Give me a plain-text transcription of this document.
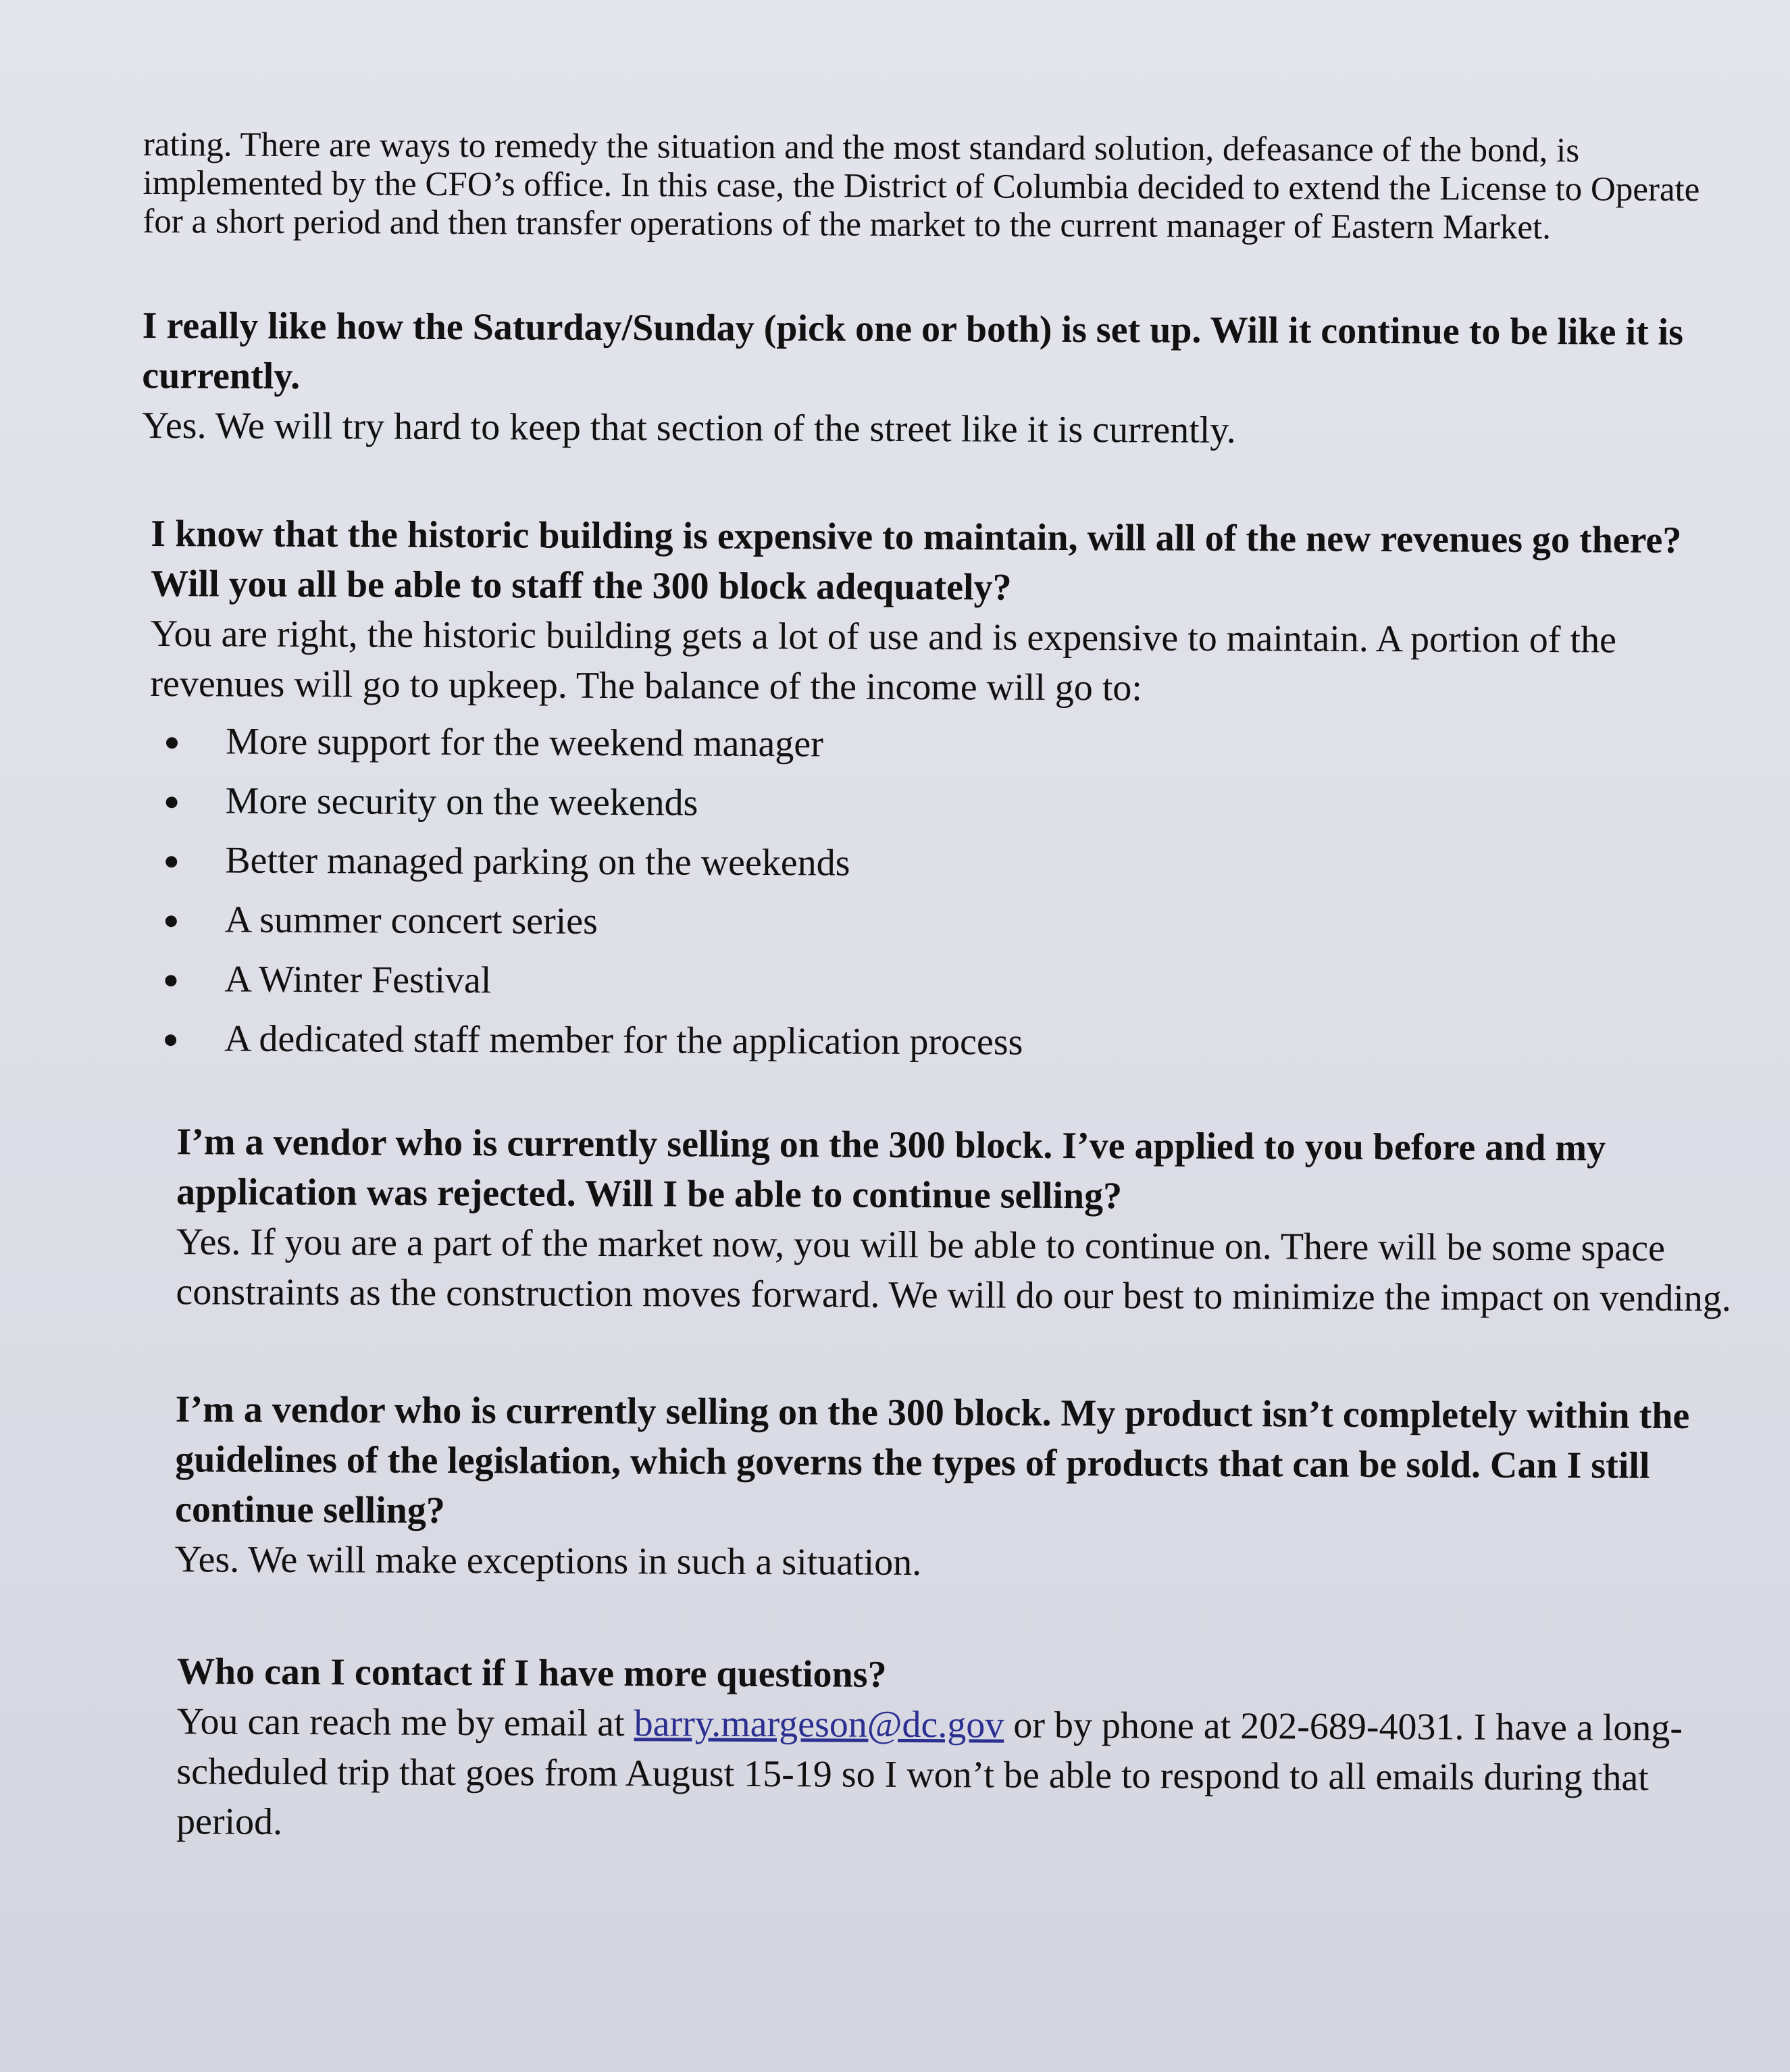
rating. There are ways to remedy the situation and the most standard solution, defeasance of the bond, is implemented by the CFO’s office. In this case, the District of Columbia decided to extend the License to Operate for a short period and then transfer operations of the market to the current manager of Eastern Market.

I really like how the Saturday/Sunday (pick one or both) is set up. Will it continue to be like it is currently.

Yes. We will try hard to keep that section of the street like it is currently.

I know that the historic building is expensive to maintain, will all of the new revenues go there? Will you all be able to staff the 300 block adequately?

You are right, the historic building gets a lot of use and is expensive to maintain. A portion of the revenues will go to upkeep. The balance of the income will go to:

More support for the weekend manager
More security on the weekends
Better managed parking on the weekends
A summer concert series
A Winter Festival
A dedicated staff member for the application process

I’m a vendor who is currently selling on the 300 block. I’ve applied to you before and my application was rejected. Will I be able to continue selling?

Yes. If you are a part of the market now, you will be able to continue on. There will be some space constraints as the construction moves forward. We will do our best to minimize the impact on vending.

I’m a vendor who is currently selling on the 300 block. My product isn’t completely within the guidelines of the legislation, which governs the types of products that can be sold. Can I still continue selling?

Yes. We will make exceptions in such a situation.

Who can I contact if I have more questions?

You can reach me by email at barry.margeson@dc.gov or by phone at 202-689-4031. I have a long-scheduled trip that goes from August 15-19 so I won’t be able to respond to all emails during that period.
